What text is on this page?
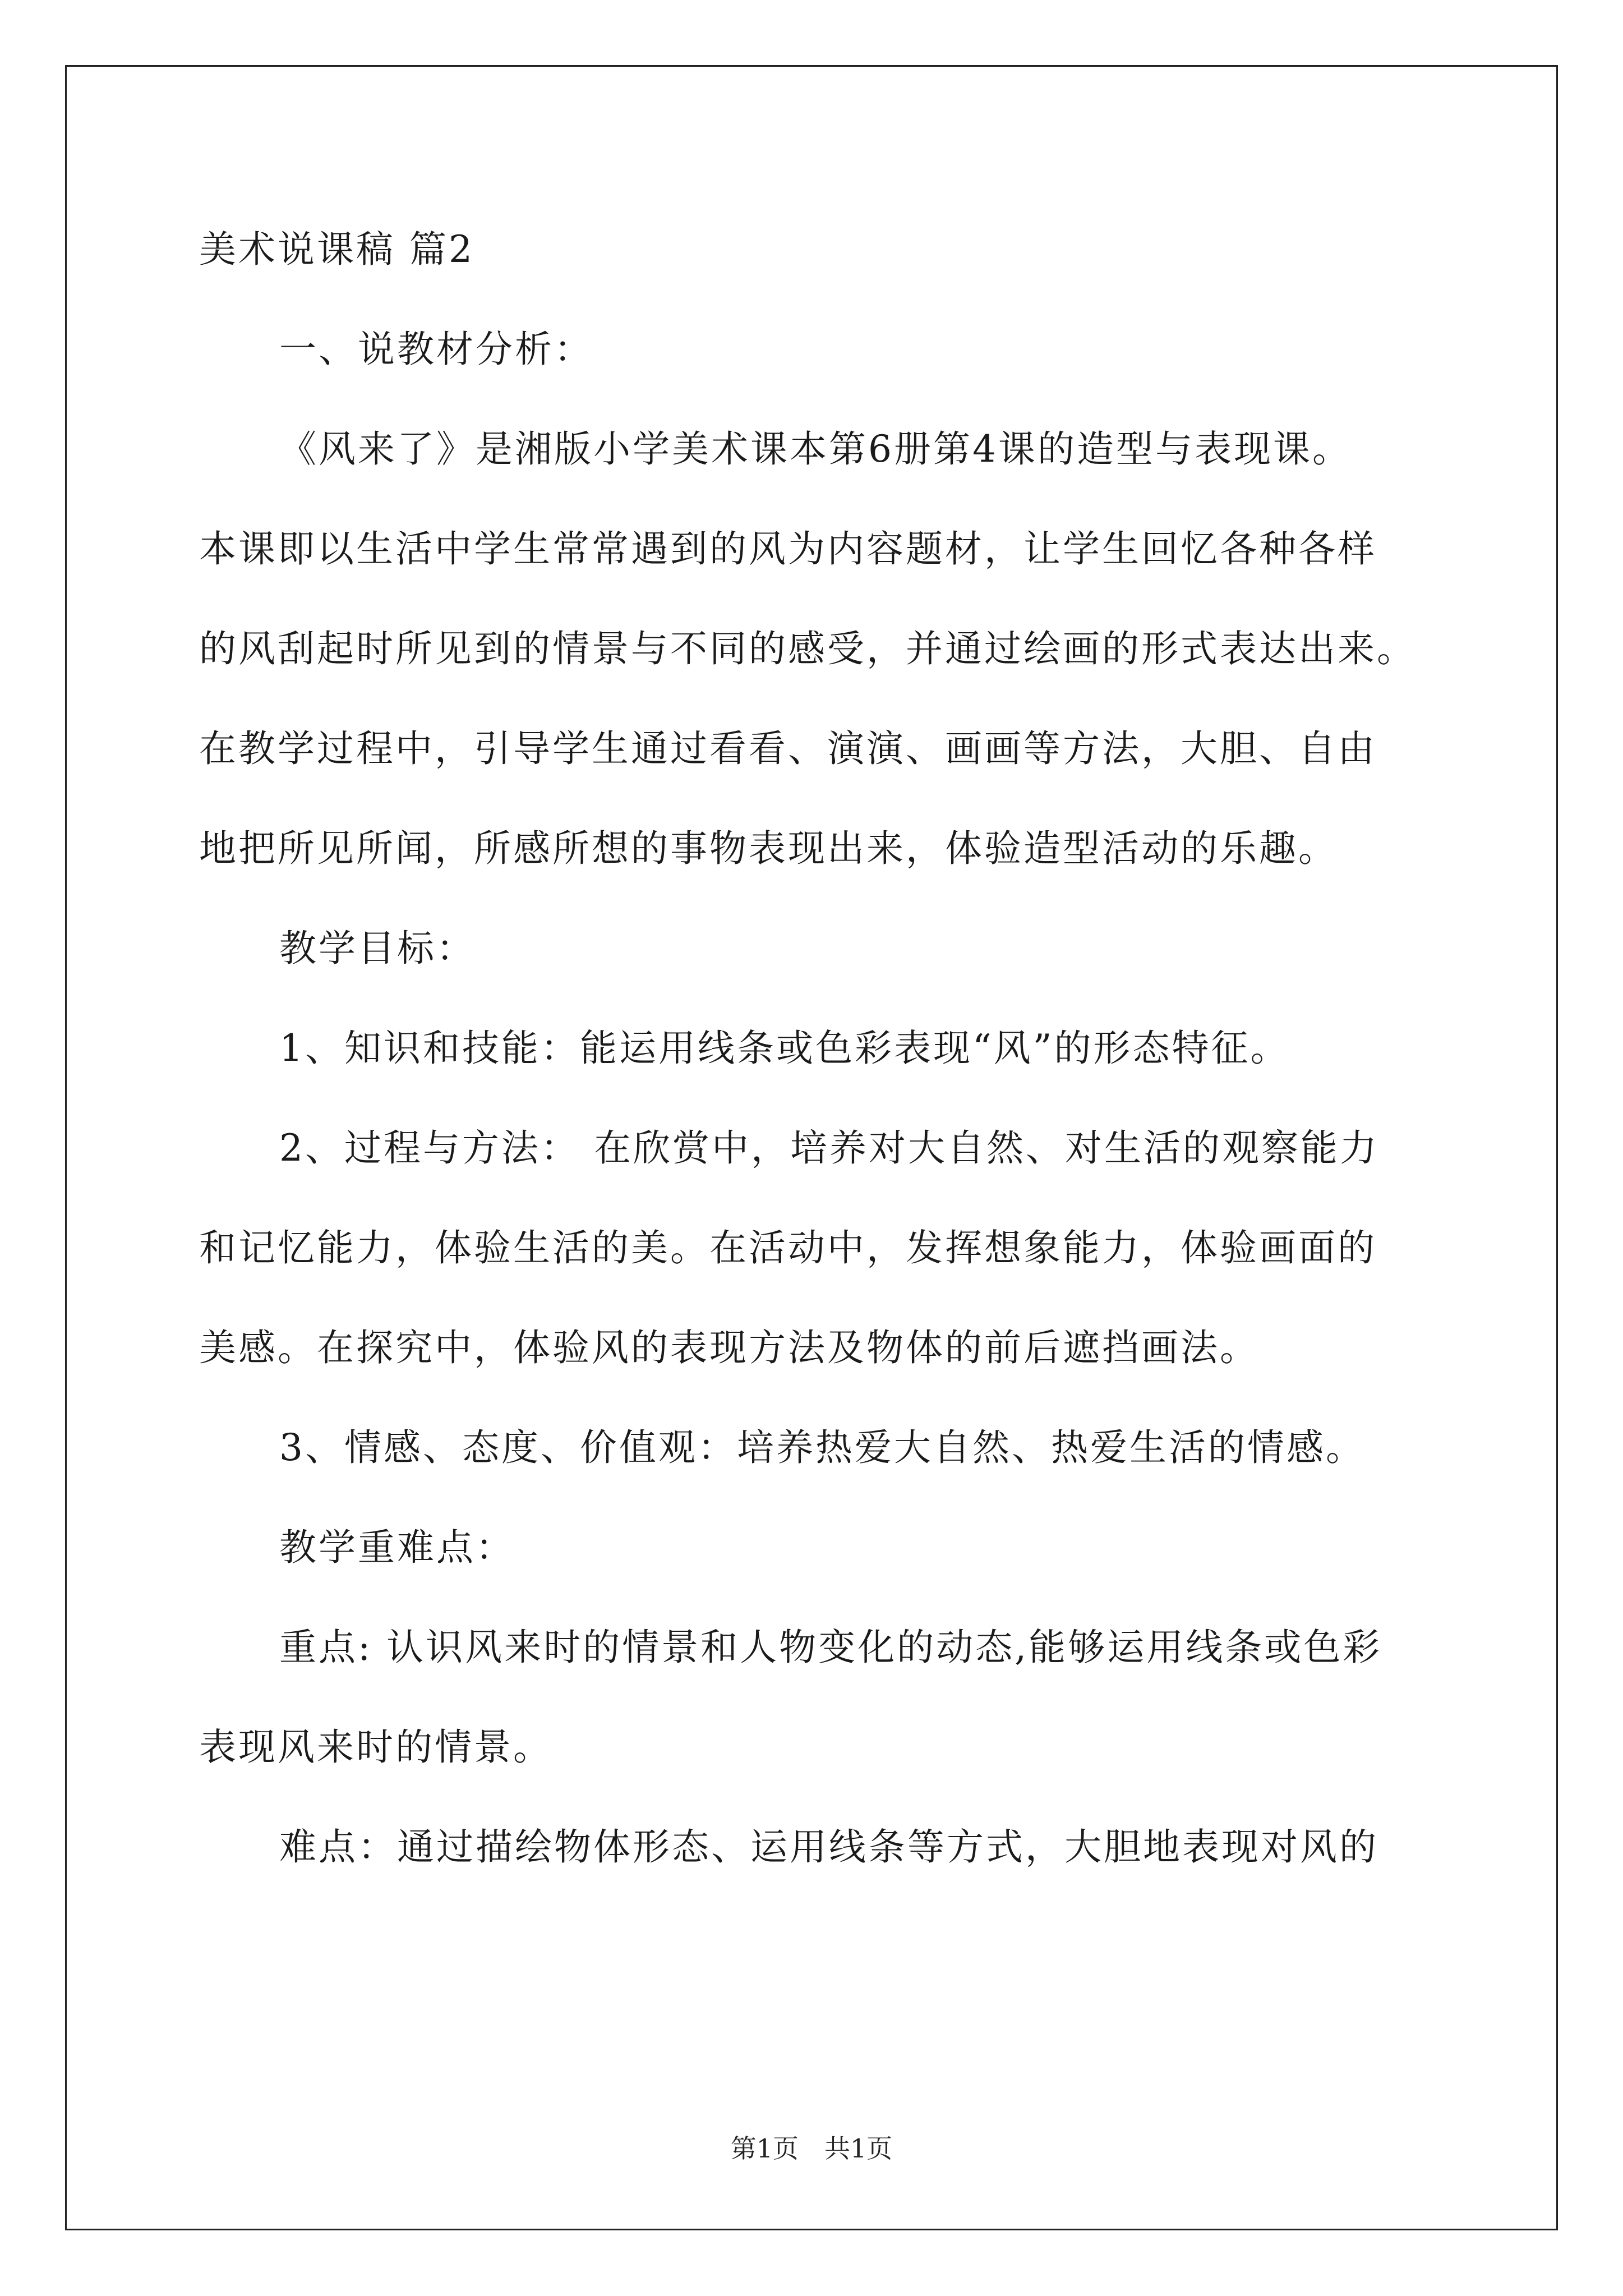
美术说课稿 篇2
一、说教材分析：
《风来了》是湘版小学美术课本第6册第4课的造型与表现课。
本课即以生活中学生常常遇到的风为内容题材，让学生回忆各种各样
的风刮起时所见到的情景与不同的感受，并通过绘画的形式表达出来。
在教学过程中，引导学生通过看看、演演、画画等方法，大胆、自由
地把所见所闻，所感所想的事物表现出来，体验造型活动的乐趣。
教学目标：
1、知识和技能：能运用线条或色彩表现“风”的形态特征。
2、过程与方法： 在欣赏中，培养对大自然、对生活的观察能力
和记忆能力，体验生活的美。在活动中，发挥想象能力，体验画面的
美感。在探究中，体验风的表现方法及物体的前后遮挡画法。
3、情感、态度、价值观：培养热爱大自然、热爱生活的情感。
教学重难点：
重点: 认识风来时的情景和人物变化的动态,能够运用线条或色彩
表现风来时的情景。
难点：通过描绘物体形态、运用线条等方式，大胆地表现对风的
第1页　共1页
